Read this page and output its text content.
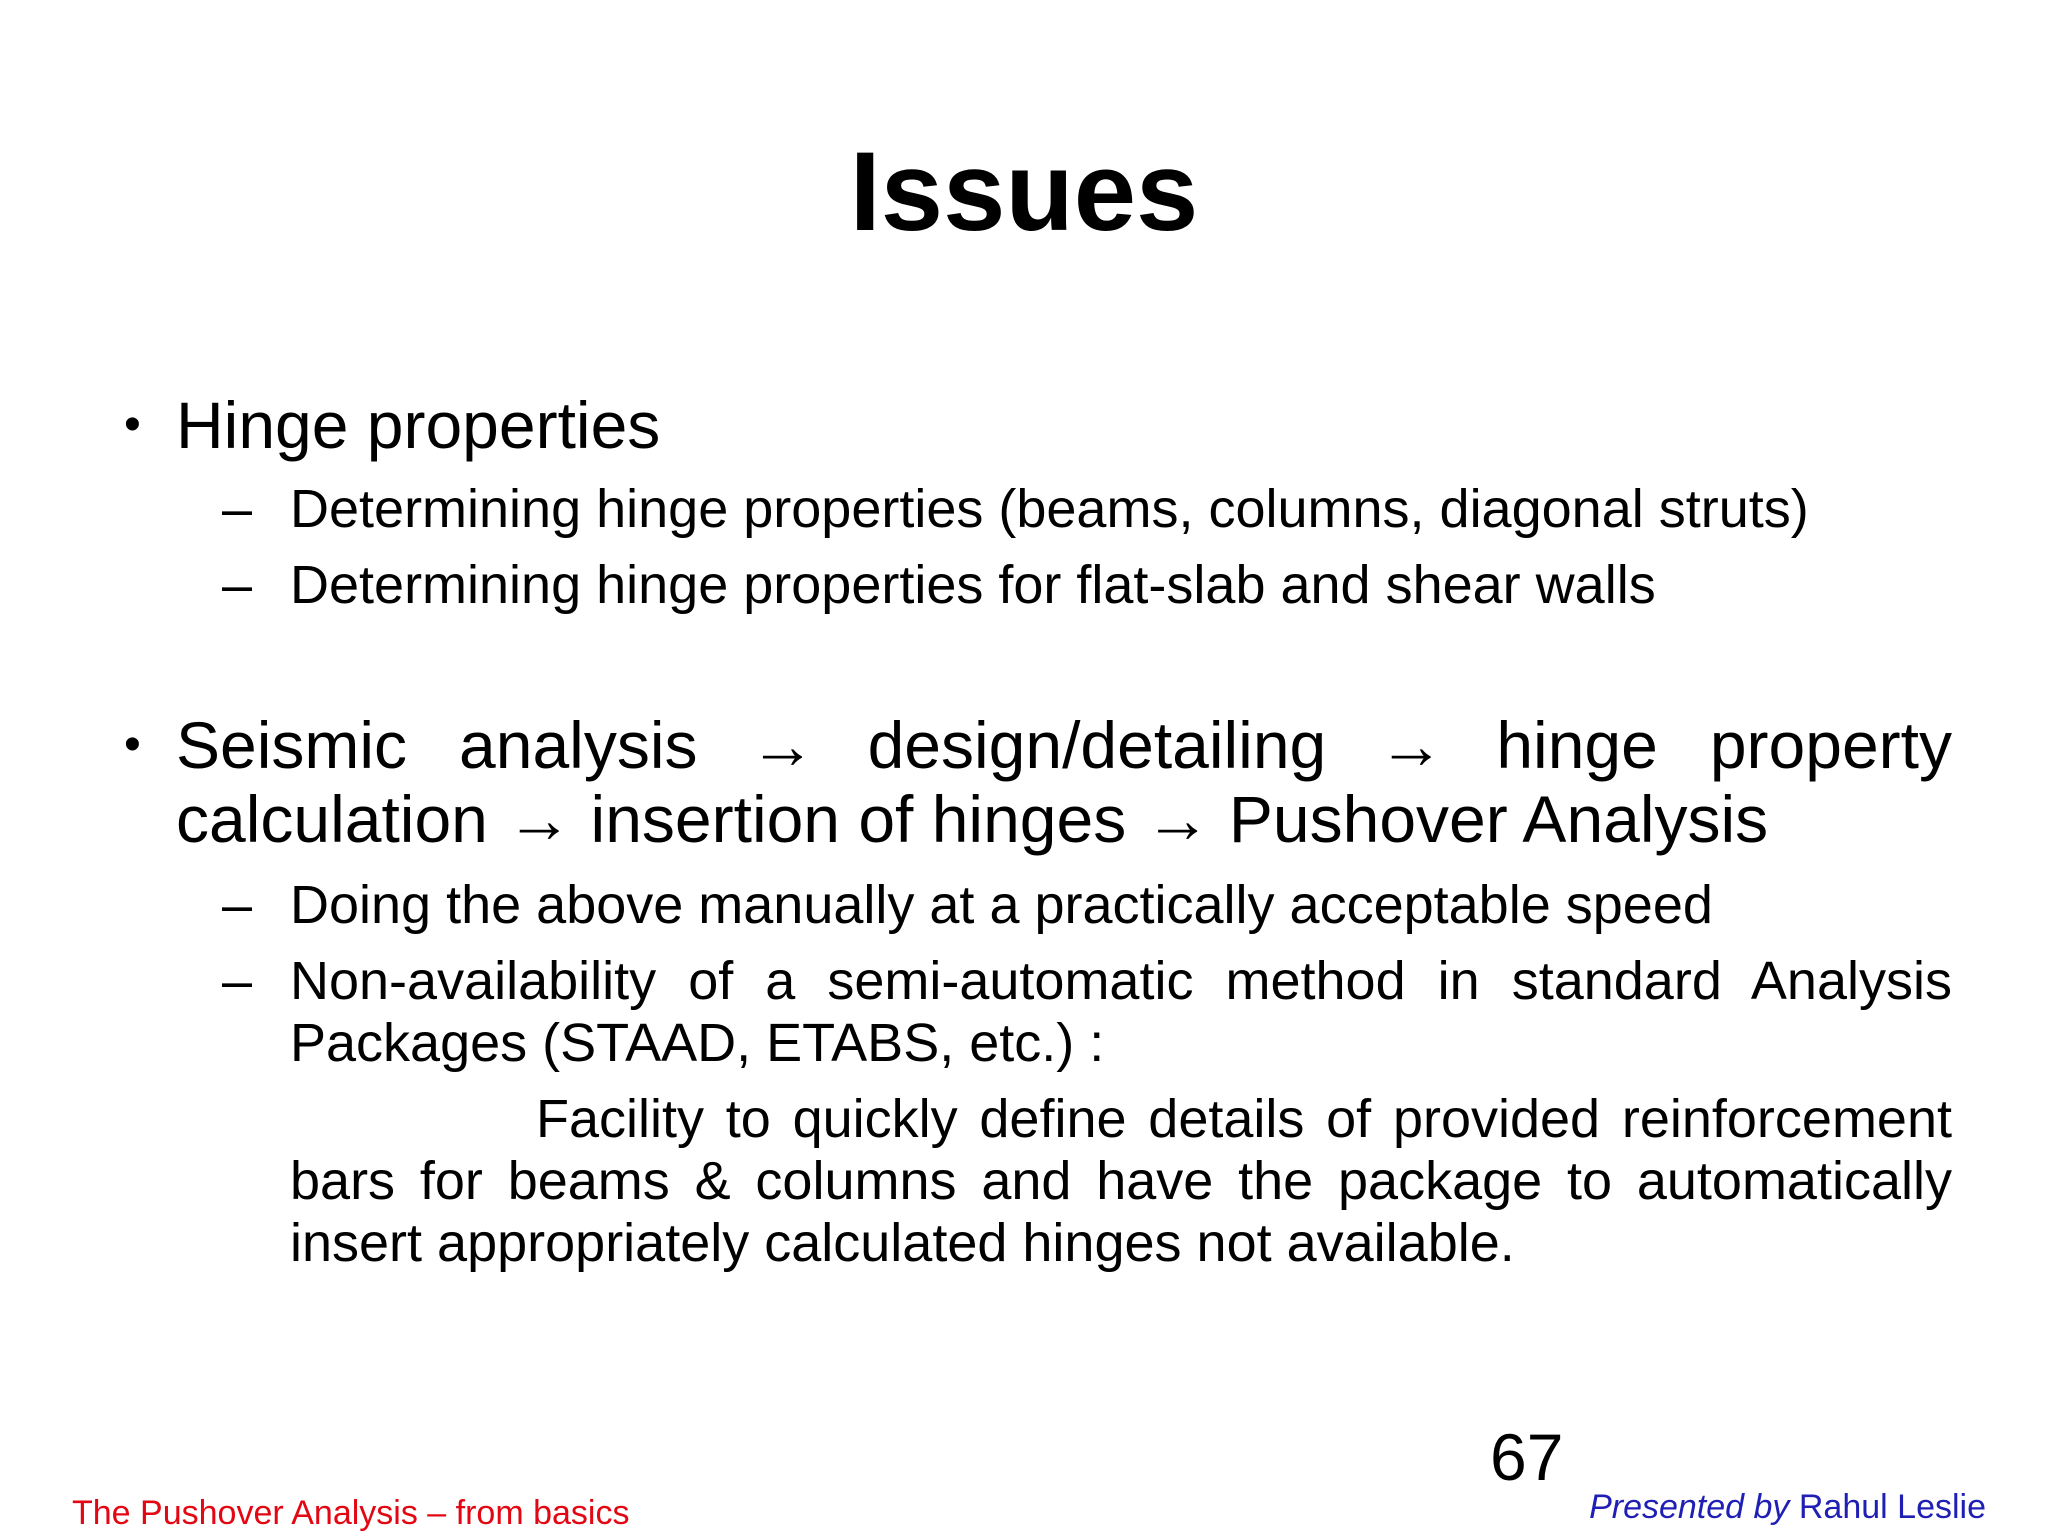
Issues
• Hinge properties
– Determining hinge properties (beams, columns, diagonal struts)
– Determining hinge properties for flat-slab and shear walls
• Seismic analysis → design/detailing → hinge property
calculation → insertion of hinges → Pushover Analysis
– Doing the above manually at a practically acceptable speed
– Non-availability of a semi-automatic method in standard Analysis Packages (STAAD, ETABS, etc.) :
Facility to quickly define details of provided reinforcement bars for beams & columns and have the package to automatically insert appropriately calculated hinges not available.
67
The Pushover Analysis – from basics	Presented by Rahul Leslie
